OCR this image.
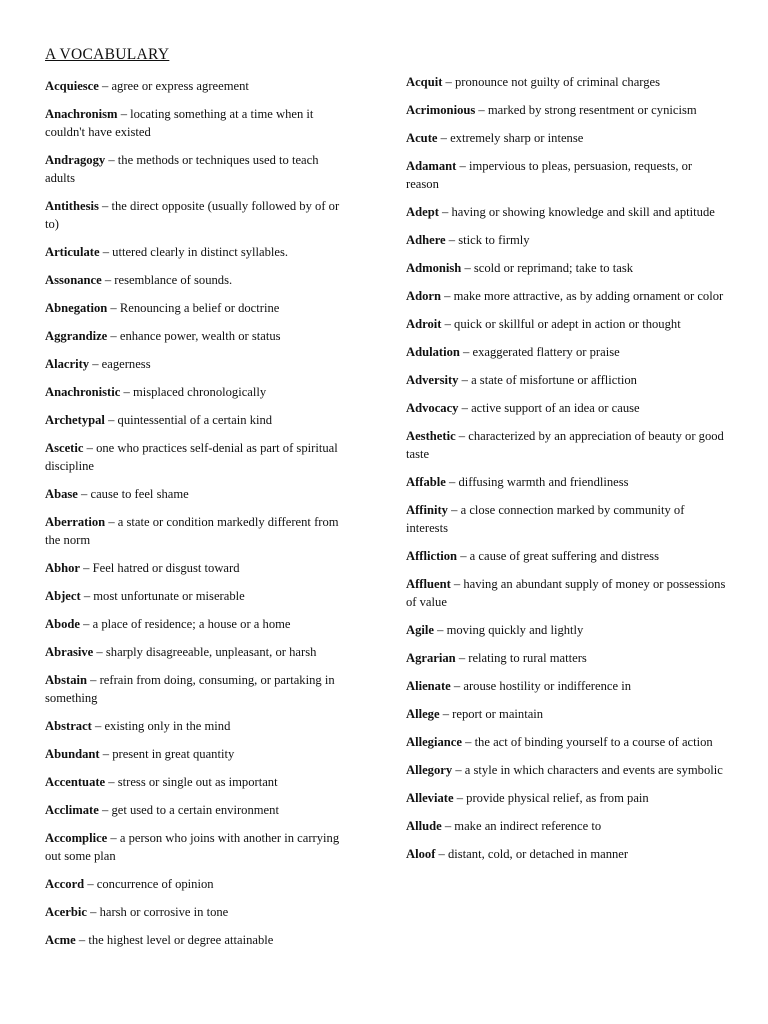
A VOCABULARY

Acquiesce – agree or express agreement

Anachronism – locating something at a time when it couldn't have existed

Andragogy – the methods or techniques used to teach adults

Antithesis – the direct opposite (usually followed by of or to)

Articulate – uttered clearly in distinct syllables.

Assonance – resemblance of sounds.

Abnegation – Renouncing a belief or doctrine

Aggrandize – enhance power, wealth or status

Alacrity – eagerness

Anachronistic – misplaced chronologically

Archetypal – quintessential of a certain kind

Ascetic – one who practices self-denial as part of spiritual discipline

Abase – cause to feel shame

Aberration – a state or condition markedly different from the norm

Abhor – Feel hatred or disgust toward

Abject – most unfortunate or miserable

Abode – a place of residence; a house or a home

Abrasive – sharply disagreeable, unpleasant, or harsh

Abstain – refrain from doing, consuming, or partaking in something

Abstract – existing only in the mind

Abundant – present in great quantity

Accentuate – stress or single out as important

Acclimate – get used to a certain environment

Accomplice – a person who joins with another in carrying out some plan

Accord – concurrence of opinion

Acerbic – harsh or corrosive in tone

Acme – the highest level or degree attainable

Acquit – pronounce not guilty of criminal charges

Acrimonious – marked by strong resentment or cynicism

Acute – extremely sharp or intense

Adamant – impervious to pleas, persuasion, requests, or reason

Adept – having or showing knowledge and skill and aptitude

Adhere – stick to firmly

Admonish – scold or reprimand; take to task

Adorn – make more attractive, as by adding ornament or color

Adroit – quick or skillful or adept in action or thought

Adulation – exaggerated flattery or praise

Adversity – a state of misfortune or affliction

Advocacy – active support of an idea or cause

Aesthetic – characterized by an appreciation of beauty or good taste

Affable – diffusing warmth and friendliness

Affinity – a close connection marked by community of interests

Affliction – a cause of great suffering and distress

Affluent – having an abundant supply of money or possessions of value

Agile – moving quickly and lightly

Agrarian – relating to rural matters

Alienate – arouse hostility or indifference in

Allege – report or maintain

Allegiance – the act of binding yourself to a course of action

Allegory – a style in which characters and events are symbolic

Alleviate – provide physical relief, as from pain

Allude – make an indirect reference to

Aloof – distant, cold, or detached in manner
